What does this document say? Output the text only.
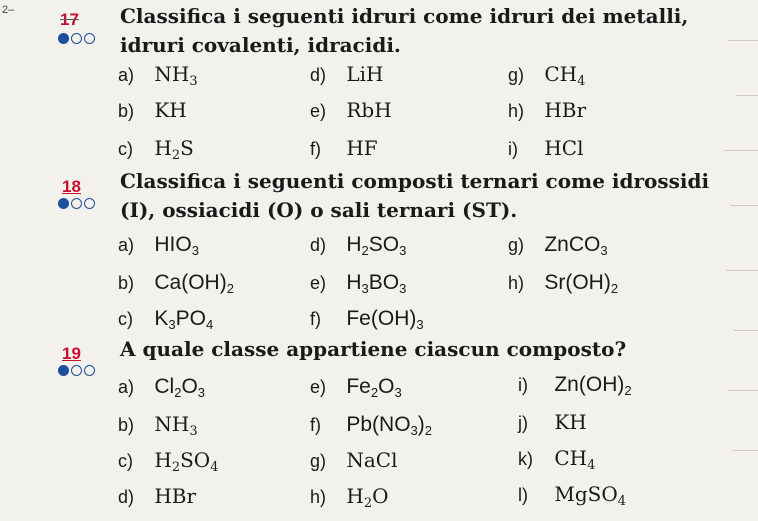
2–	17 Classifica i seguenti idruri come idruri dei metalli,
idruri covalenti, idracidi.
a) $NH_3$	d) LiH	g) $CH_4$
b) KH	e) RbH	h) HBr
c) $H_2S$	f) HF	i) HCl
18 Classifica i seguenti composti ternari come idrossidi
(I), ossiacidi (O) o sali ternari (ST).
a) $HIO_3$	d) $H_2SO_3$	g) ZnCO$_3$
b) $Ca(OH)_2$	e) $H_3BO_3$	h) $Sr(OH)_2$
c) $K_3PO_4$	f) $Fe(OH)_3$
19 A quale classe appartiene ciascun composto?
a) $Cl_2O_3$	e) $Fe_2O_3$	i) $Zn(OH)_2$
b) $NH_3$	f) $Pb(NO_3)_2$	j) KH
c) $H_2SO_4$	g) NaCl	k) $CH_4$
d) HBr	h) $H_2O$	l) MgSO$_4$
